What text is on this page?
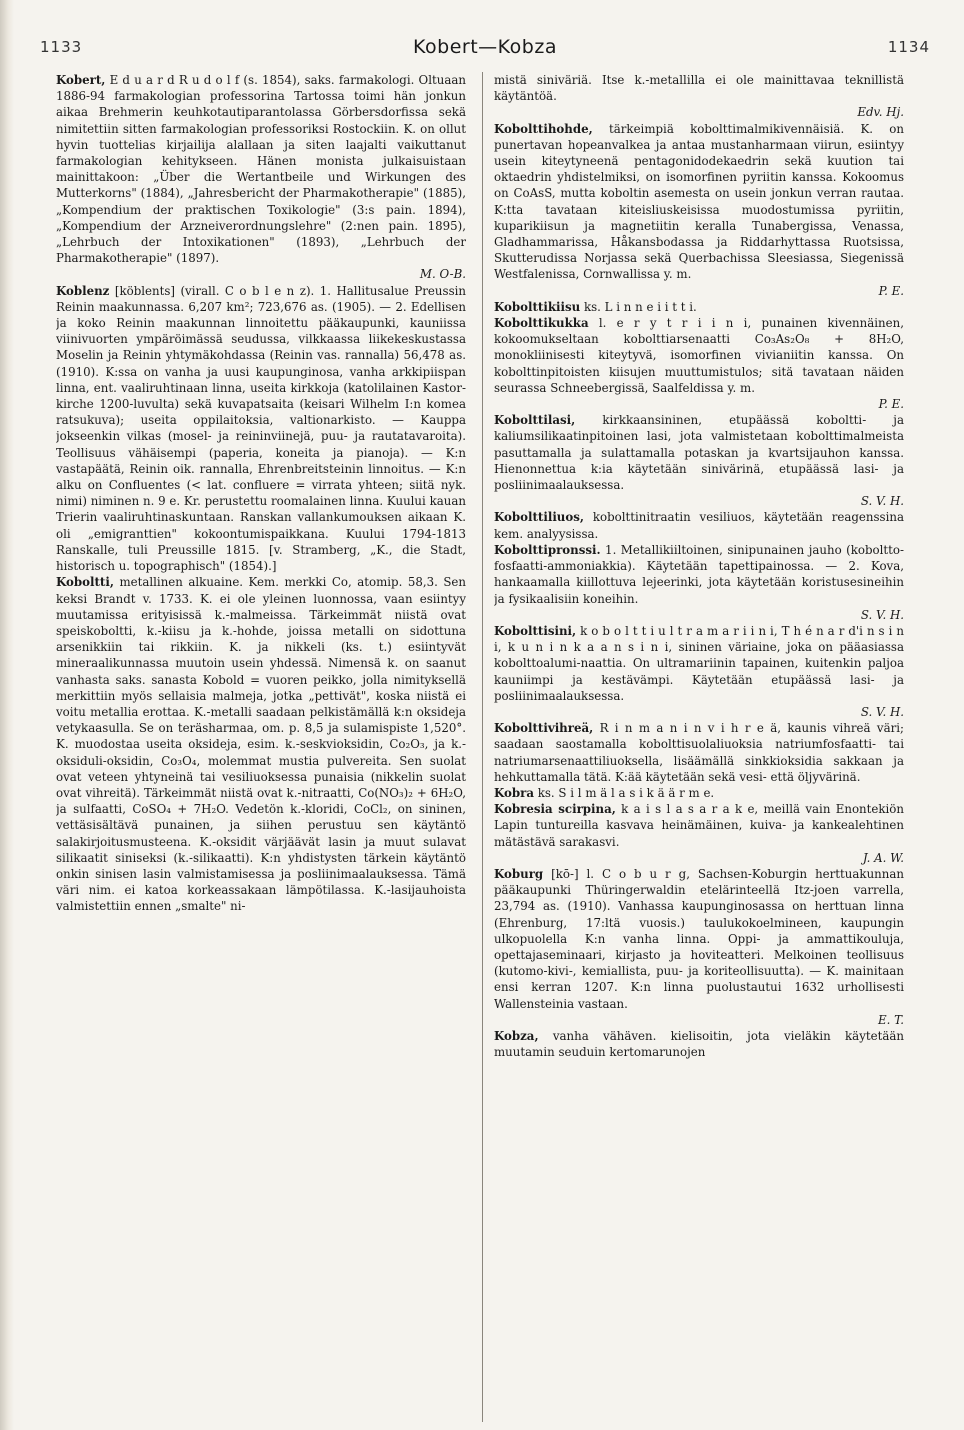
1133	Kobert—Kobza	1134

Kobert, E d u a r d R u d o l f (s. 1854), saks. farmakologi. Oltuaan 1886-94 farmakologian professorina Tartossa toimi hän jonkun aikaa Brehmerin keuhkotautiparantolassa Görbersdorfissa sekä nimitettiin sitten farmakologian professoriksi Rostockiin. K. on ollut hyvin tuottelias kirjailija alallaan ja siten laajalti vaikuttanut farmakologian kehitykseen. Hänen monista julkaisuistaan mainittakoon: „Über die Wertantbeile und Wirkungen des Mutterkorns" (1884), „Jahresbericht der Pharmakotherapie" (1885), „Kompendium der praktischen Toxikologie" (3:s pain. 1894), „Kompendium der Arzneiverordnungslehre" (2:nen pain. 1895), „Lehrbuch der Intoxikationen" (1893), „Lehrbuch der Pharmakotherapie" (1897).
M. O-B.

Koblenz [köblents] (virall. C o b l e n z). 1. Hallitusalue Preussin Reinin maakunnassa. 6,207 km²; 723,676 as. (1905). — 2. Edellisen ja koko Reinin maakunnan linnoitettu pääkaupunki, kauniissa viinivuorten ympäröimässä seudussa, vilkkaassa liikekeskustassa Moselin ja Reinin yhtymäkohdassa (Reinin vas. rannalla) 56,478 as. (1910). K:ssa on vanha ja uusi kaupunginosa, vanha arkkipiispan linna, ent. vaaliruhtinaan linna, useita kirkkoja (katolilainen Kastor-kirche 1200-luvulta) sekä kuvapatsaita (keisari Wilhelm I:n komea ratsukuva); useita oppilaitoksia, valtionarkisto. — Kauppa jokseenkin vilkas (mosel- ja reininviinejä, puu- ja rautatavaroita). Teollisuus vähäisempi (paperia, koneita ja pianoja). — K:n vastapäätä, Reinin oik. rannalla, Ehrenbreitsteinin linnoitus. — K:n alku on Confluentes (< lat. confluere = virrata yhteen; siitä nyk. nimi) niminen n. 9 e. Kr. perustettu roomalainen linna. Kuului kauan Trierin vaaliruhtinaskuntaan. Ranskan vallankumouksen aikaan K. oli „emigranttien" kokoontumispaikkana. Kuului 1794-1813 Ranskalle, tuli Preussille 1815. [v. Stramberg, „K., die Stadt, historisch u. topographisch" (1854).]

Koboltti, metallinen alkuaine. Kem. merkki Co, atomip. 58,3. Sen keksi Brandt v. 1733. K. ei ole yleinen luonnossa, vaan esiintyy muutamissa erityisissä k.-malmeissa. Tärkeimmät niistä ovat speiskoboltti, k.-kiisu ja k.-hohde, joissa metalli on sidottuna arsenikkiin tai rikkiin. K. ja nikkeli (ks. t.) esiintyvät mineraalikunnassa muutoin usein yhdessä. Nimensä k. on saanut vanhasta saks. sanasta Kobold = vuoren peikko, jolla nimityksellä merkittiin myös sellaisia malmeja, jotka „pettivät", koska niistä ei voitu metallia erottaa. K.-metalli saadaan pelkistämällä k:n oksideja vetykaasulla. Se on teräsharmaa, om. p. 8,5 ja sulamispiste 1,520°. K. muodostaa useita oksideja, esim. k.-seskvioksidin, Co₂O₃, ja k.-oksiduli-oksidin, Co₃O₄, molemmat mustia pulvereita. Sen suolat ovat veteen yhtyneinä tai vesiliuoksessa punaisia (nikkelin suolat ovat vihreitä). Tärkeimmät niistä ovat k.-nitraatti, Co(NO₃)₂ + 6H₂O, ja sulfaatti, CoSO₄ + 7H₂O. Vedetön k.-kloridi, CoCl₂, on sininen, vettäsisältävä punainen, ja siihen perustuu sen käytäntö salakirjoitusmusteena. K.-oksidit värjäävät lasin ja muut sulavat silikaatit siniseksi (k.-silikaatti). K:n yhdistysten tärkein käytäntö onkin sinisen lasin valmistamisessa ja posliinimaalauksessa. Tämä väri nim. ei katoa korkeassakaan lämpötilassa. K.-lasijauhoista valmistettiin ennen „smalte" ni-

mistä siniväriä. Itse k.-metallilla ei ole mainittavaa teknillistä käytäntöä.
Edv. Hj.

Kobolttihohde, tärkeimpiä kobolttimalmikivennäisiä. K. on punertavan hopeanvalkea ja antaa mustanharmaan viirun, esiintyy usein kiteytyneenä pentagonidodekaedrin sekä kuution tai oktaedrin yhdistelmiksi, on isomorfinen pyriitin kanssa. Kokoomus on CoAsS, mutta koboltin asemesta on usein jonkun verran rautaa. K:tta tavataan kiteisliuskeisissa muodostumissa pyriitin, kuparikiisun ja magnetiitin keralla Tunabergissa, Venassa, Gladhammarissa, Håkansbodassa ja Riddarhyttassa Ruotsissa, Skutterudissa Norjassa sekä Querbachissa Sleesiassa, Siegenissä Westfalenissa, Cornwallissa y. m.
P. E.

Kobolttikiisu ks. L i n n e i i t t i.

Kobolttikukka l. e r y t r i i n i, punainen kivennäinen, kokoomukseltaan kobolttiarsenaatti Co₃As₂O₈ + 8H₂O, monokliinisesti kiteytyvä, isomorfinen vivianiitin kanssa. On kobolttinpitoisten kiisujen muuttumistulos; sitä tavataan näiden seurassa Schneebergissä, Saalfeldissa y. m.
P. E.

Kobolttilasi, kirkkaansininen, etupäässä koboltti- ja kaliumsilikaatinpitoinen lasi, jota valmistetaan kobolttimalmeista pasuttamalla ja sulattamalla potaskan ja kvartsijauhon kanssa. Hienonnettua k:ia käytetään sinivärinä, etupäässä lasi- ja posliinimaalauksessa.
S. V. H.

Kobolttiliuos, kobolttinitraatin vesiliuos, käytetään reagenssina kem. analyysissa.

Kobolttipronssi. 1. Metallikiiltoinen, sinipunainen jauho (koboltto-fosfaatti-ammoniakkia). Käytetään tapettipainossa. — 2. Kova, hankaamalla kiillottuva lejeerinki, jota käytetään koristusesineihin ja fysikaalisiin koneihin.
S. V. H.

Kobolttisini, k o b o l t t i u l t r a m a r i i n i, T h é n a r d'i n s i n i, k u n i n k a a n s i n i, sininen väriaine, joka on pääasiassa kobolttoalumi-naattia. On ultramariinin tapainen, kuitenkin paljoa kauniimpi ja kestävämpi. Käytetään etupäässä lasi- ja posliinimaalauksessa.
S. V. H.

Kobolttivihreä, R i n m a n i n v i h r e ä, kaunis vihreä väri; saadaan saostamalla kobolttisuolaliuoksia natriumfosfaatti- tai natriumarsenaattiliuoksella, lisäämällä sinkkioksidia sakkaan ja hehkuttamalla tätä. K:ää käytetään sekä vesi- että öljyvärinä.

Kobra ks. S i l m ä l a s i k ä ä r m e.

Kobresia scirpina, k a i s l a s a r a k e, meillä vain Enontekiön Lapin tuntureilla kasvava heinämäinen, kuiva- ja kankealehtinen mätästävä sarakasvi.
J. A. W.

Koburg [kō-] l. C o b u r g, Sachsen-Koburgin herttuakunnan pääkaupunki Thüringerwaldin etelärinteellä Itz-joen varrella, 23,794 as. (1910). Vanhassa kaupunginosassa on herttuan linna (Ehrenburg, 17:ltä vuosis.) taulukokoelmineen, kaupungin ulkopuolella K:n vanha linna. Oppi- ja ammattikouluja, opettajaseminaari, kirjasto ja hoviteatteri. Melkoinen teollisuus (kutomo-kivi-, kemiallista, puu- ja koriteollisuutta). — K. mainitaan ensi kerran 1207. K:n linna puolustautui 1632 urhollisesti Wallensteinia vastaan.
E. T.

Kobza, vanha vähäven. kielisoitin, jota vieläkin käytetään muutamin seuduin kertomarunojen
